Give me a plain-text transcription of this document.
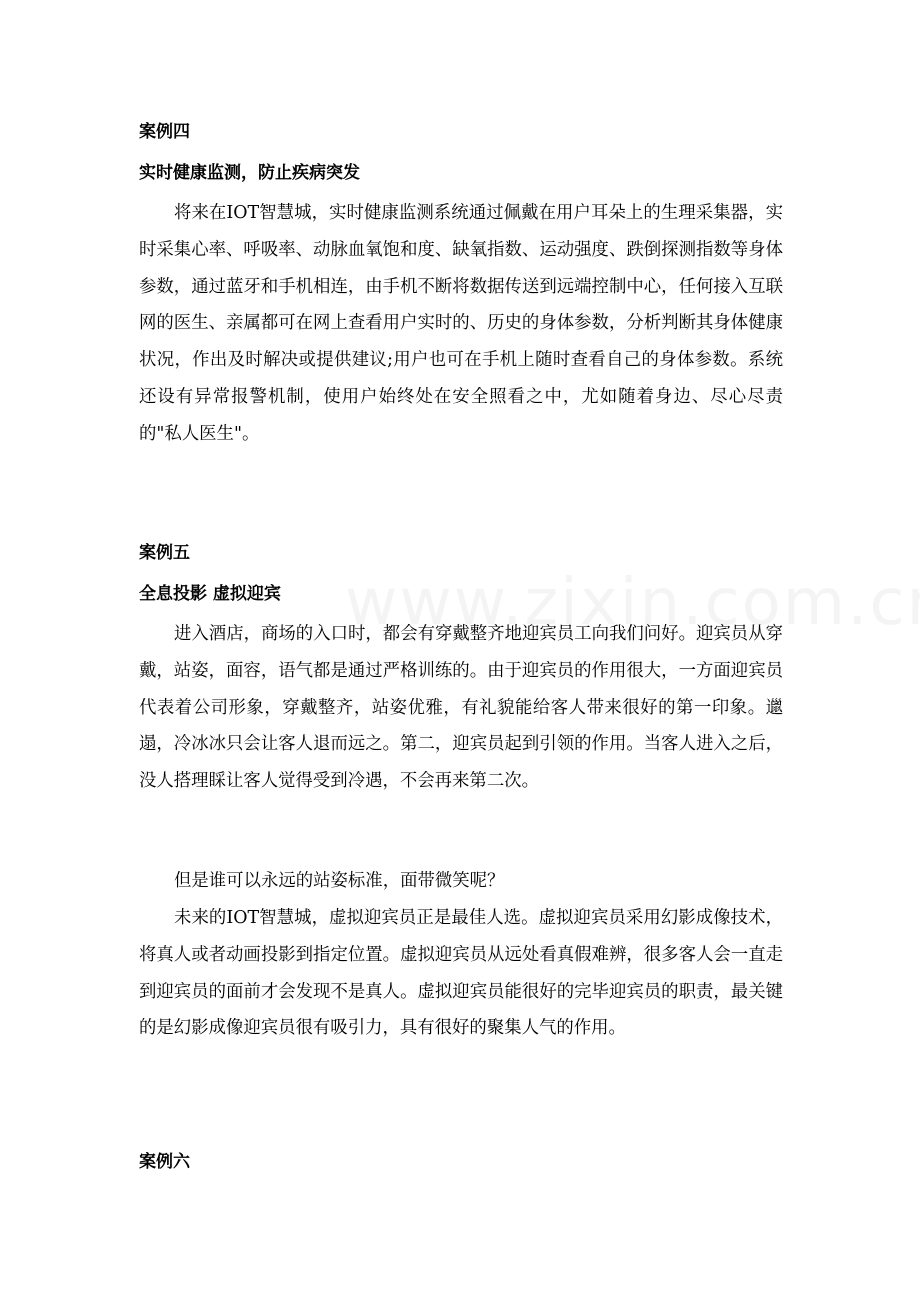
案例四
实时健康监测，防止疾病突发
将来在IOT智慧城，实时健康监测系统通过佩戴在用户耳朵上的生理采集器，实时采集心率、呼吸率、动脉血氧饱和度、缺氧指数、运动强度、跌倒探测指数等身体参数，通过蓝牙和手机相连，由手机不断将数据传送到远端控制中心，任何接入互联网的医生、亲属都可在网上查看用户实时的、历史的身体参数，分析判断其身体健康状况，作出及时解决或提供建议;用户也可在手机上随时查看自己的身体参数。系统还设有异常报警机制，使用户始终处在安全照看之中，尤如随着身边、尽心尽责的"私人医生"。
案例五
全息投影 虚拟迎宾
进入酒店，商场的入口时，都会有穿戴整齐地迎宾员工向我们问好。迎宾员从穿戴，站姿，面容，语气都是通过严格训练的。由于迎宾员的作用很大，一方面迎宾员代表着公司形象，穿戴整齐，站姿优雅，有礼貌能给客人带来很好的第一印象。邋遢，冷冰冰只会让客人退而远之。第二，迎宾员起到引领的作用。当客人进入之后，没人搭理睬让客人觉得受到冷遇，不会再来第二次。
但是谁可以永远的站姿标准，面带微笑呢？
未来的IOT智慧城，虚拟迎宾员正是最佳人选。虚拟迎宾员采用幻影成像技术，将真人或者动画投影到指定位置。虚拟迎宾员从远处看真假难辨，很多客人会一直走到迎宾员的面前才会发现不是真人。虚拟迎宾员能很好的完毕迎宾员的职责，最关键的是幻影成像迎宾员很有吸引力，具有很好的聚集人气的作用。
案例六
